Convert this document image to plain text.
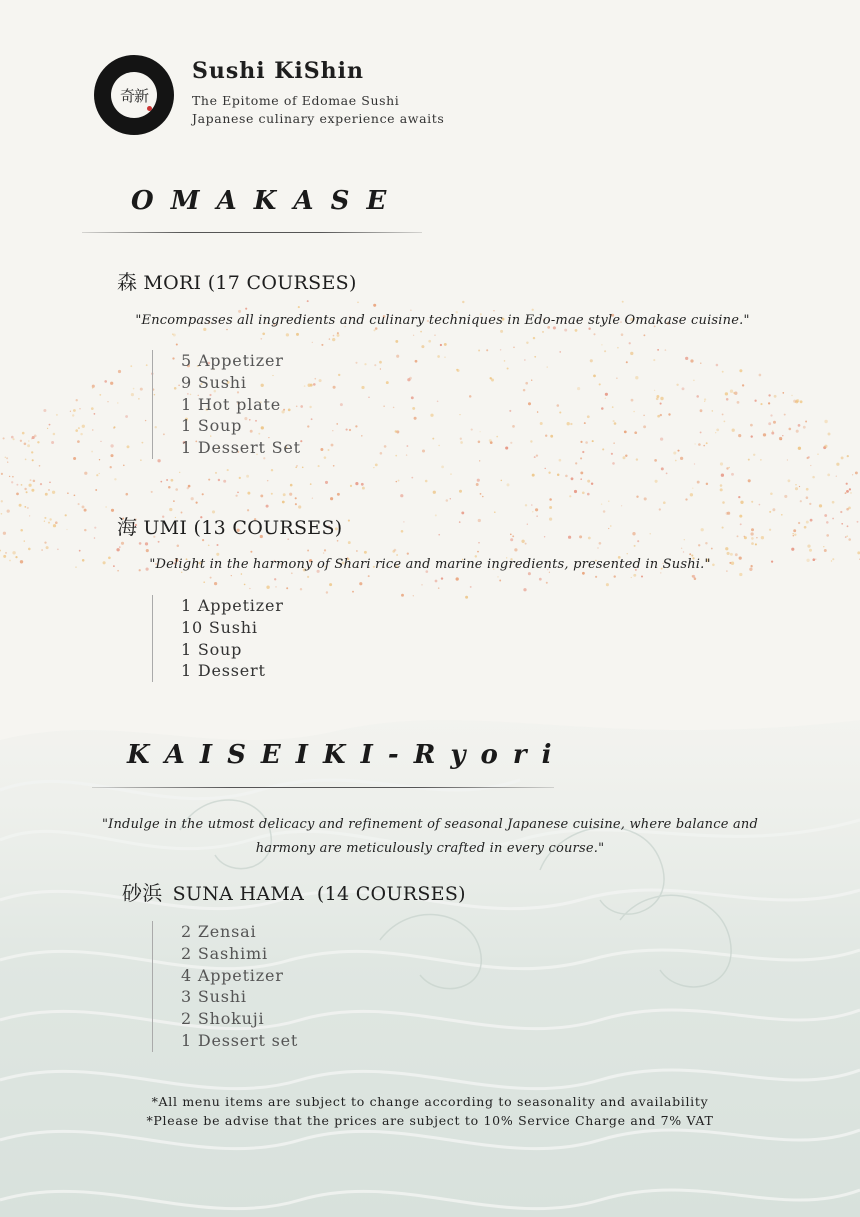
奇新
Sushi KiShin
The Epitome of Edomae Sushi
Japanese culinary experience awaits
O M A K A S E
森 MORI (17 COURSES)
"Encompasses all ingredients and culinary techniques in Edo-mae style Omakase cuisine."
5 Appetizer
9 Sushi
1 Hot plate
1 Soup
1 Dessert Set
海 UMI (13 COURSES)
"Delight in the harmony of Shari rice and marine ingredients, presented in Sushi."
1 Appetizer
10 Sushi
1 Soup
1 Dessert
K A I S E I K I - R y o r i
"Indulge in the utmost delicacy and refinement of seasonal Japanese cuisine, where balance and
harmony are meticulously crafted in every course."
砂浜 SUNA HAMA  (14 COURSES)
2 Zensai
2 Sashimi
4 Appetizer
3 Sushi
2 Shokuji
1 Dessert set
*All menu items are subject to change according to seasonality and availability
*Please be advise that the prices are subject to 10% Service Charge and 7% VAT
